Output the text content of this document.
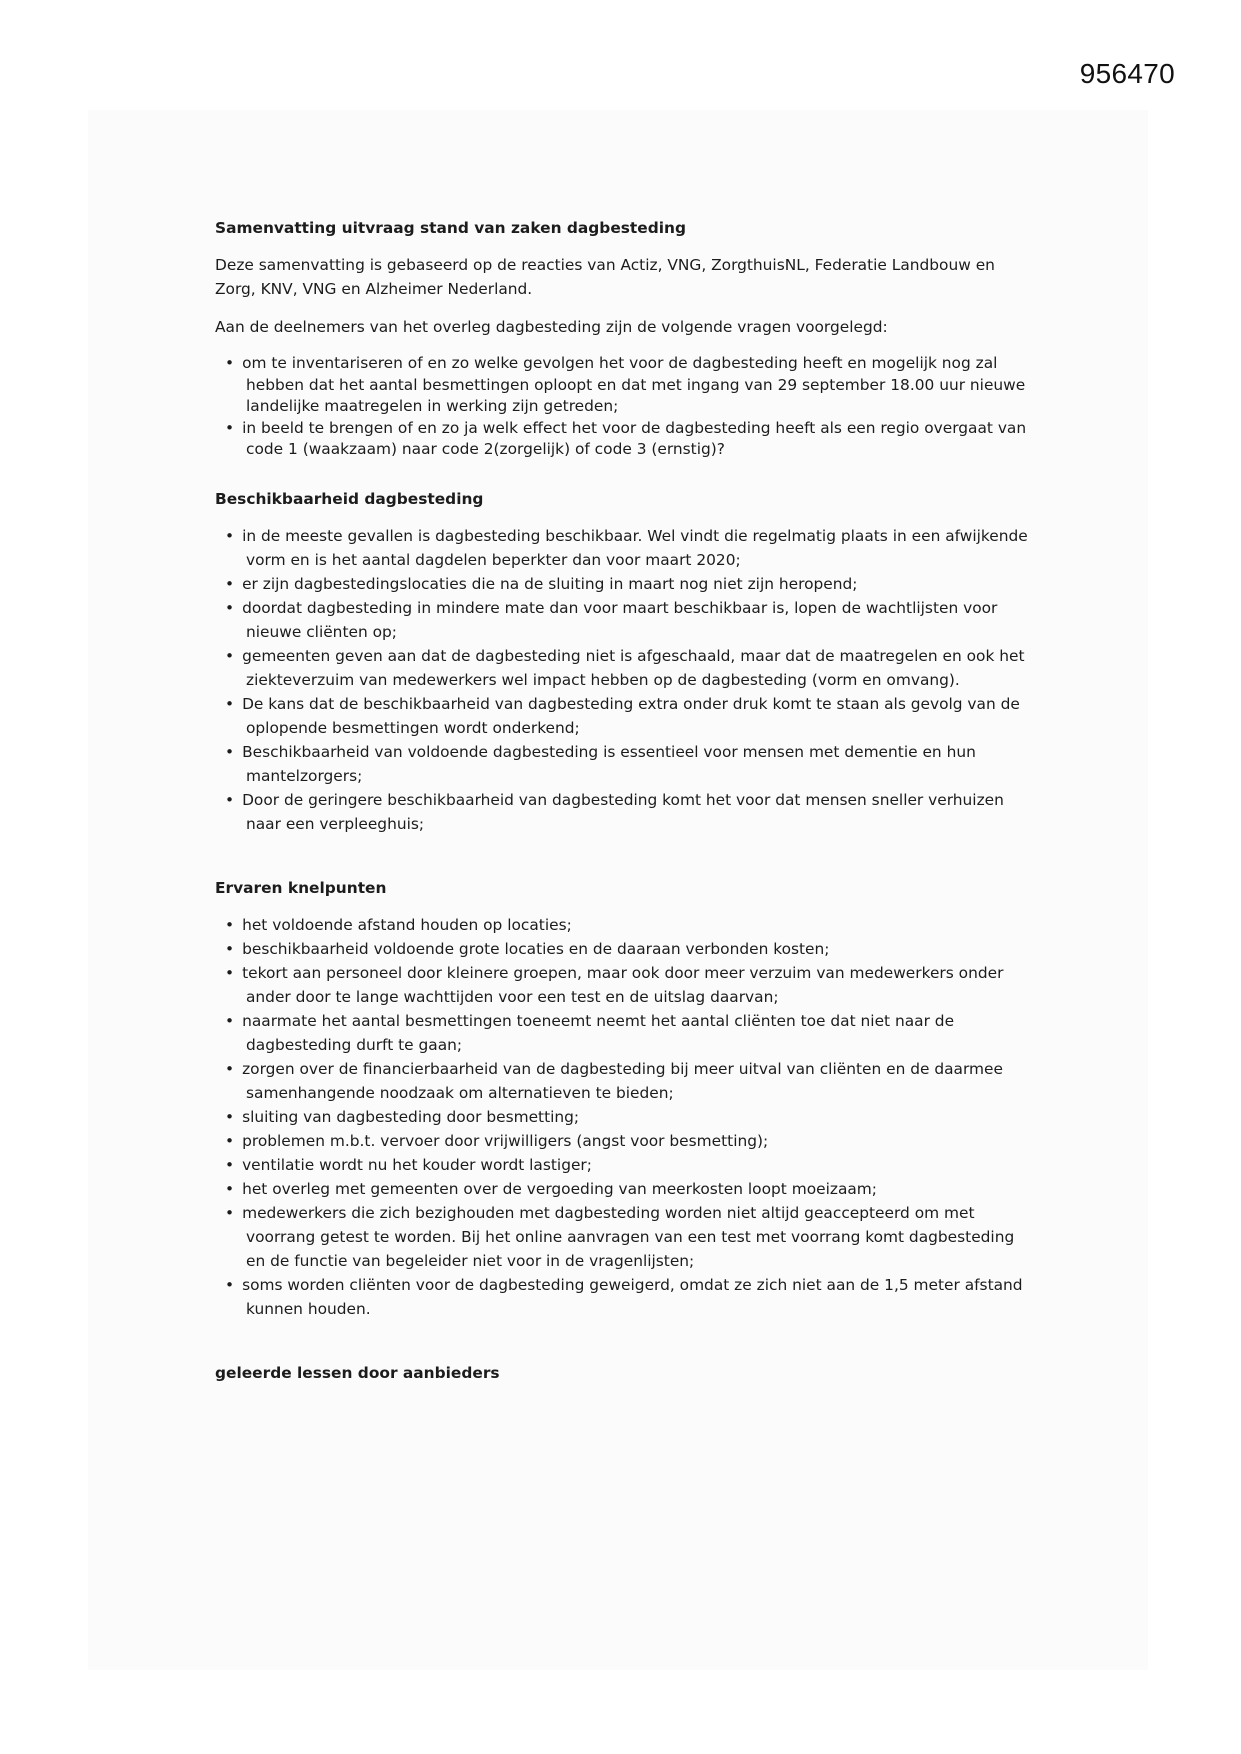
956470
Samenvatting uitvraag stand van zaken dagbesteding
Deze samenvatting is gebaseerd op de reacties van Actiz, VNG, ZorgthuisNL, Federatie Landbouw en Zorg, KNV, VNG en Alzheimer Nederland.
Aan de deelnemers van het overleg dagbesteding zijn de volgende vragen voorgelegd:
• om te inventariseren of en zo welke gevolgen het voor de dagbesteding heeft en mogelijk nog zal hebben dat het aantal besmettingen oploopt en dat met ingang van 29 september 18.00 uur nieuwe landelijke maatregelen in werking zijn getreden;
• in beeld te brengen of en zo ja welk effect het voor de dagbesteding heeft als een regio overgaat van code 1 (waakzaam) naar code 2(zorgelijk) of code 3 (ernstig)?
Beschikbaarheid dagbesteding
• in de meeste gevallen is dagbesteding beschikbaar. Wel vindt die regelmatig plaats in een afwijkende vorm en is het aantal dagdelen beperkter dan voor maart 2020;
• er zijn dagbestedingslocaties die na de sluiting in maart nog niet zijn heropend;
• doordat dagbesteding in mindere mate dan voor maart beschikbaar is, lopen de wachtlijsten voor nieuwe cliënten op;
• gemeenten geven aan dat de dagbesteding niet is afgeschaald, maar dat de maatregelen en ook het ziekteverzuim van medewerkers wel impact hebben op de dagbesteding (vorm en omvang).
• De kans dat de beschikbaarheid van dagbesteding extra onder druk komt te staan als gevolg van de oplopende besmettingen wordt onderkend;
• Beschikbaarheid van voldoende dagbesteding is essentieel voor mensen met dementie en hun mantelzorgers;
• Door de geringere beschikbaarheid van dagbesteding komt het voor dat mensen sneller verhuizen naar een verpleeghuis;
Ervaren knelpunten
• het voldoende afstand houden op locaties;
• beschikbaarheid voldoende grote locaties en de daaraan verbonden kosten;
• tekort aan personeel door kleinere groepen, maar ook door meer verzuim van medewerkers onder ander door te lange wachttijden voor een test en de uitslag daarvan;
• naarmate het aantal besmettingen toeneemt neemt het aantal cliënten toe dat niet naar de dagbesteding durft te gaan;
• zorgen over de financierbaarheid van de dagbesteding bij meer uitval van cliënten en de daarmee samenhangende noodzaak om alternatieven te bieden;
• sluiting van dagbesteding door besmetting;
• problemen m.b.t. vervoer door vrijwilligers (angst voor besmetting);
• ventilatie wordt nu het kouder wordt lastiger;
• het overleg met gemeenten over de vergoeding van meerkosten loopt moeizaam;
• medewerkers die zich bezighouden met dagbesteding worden niet altijd geaccepteerd om met voorrang getest te worden. Bij het online aanvragen van een test met voorrang komt dagbesteding en de functie van begeleider niet voor in de vragenlijsten;
• soms worden cliënten voor de dagbesteding geweigerd, omdat ze zich niet aan de 1,5 meter afstand kunnen houden.
geleerde lessen door aanbieders
